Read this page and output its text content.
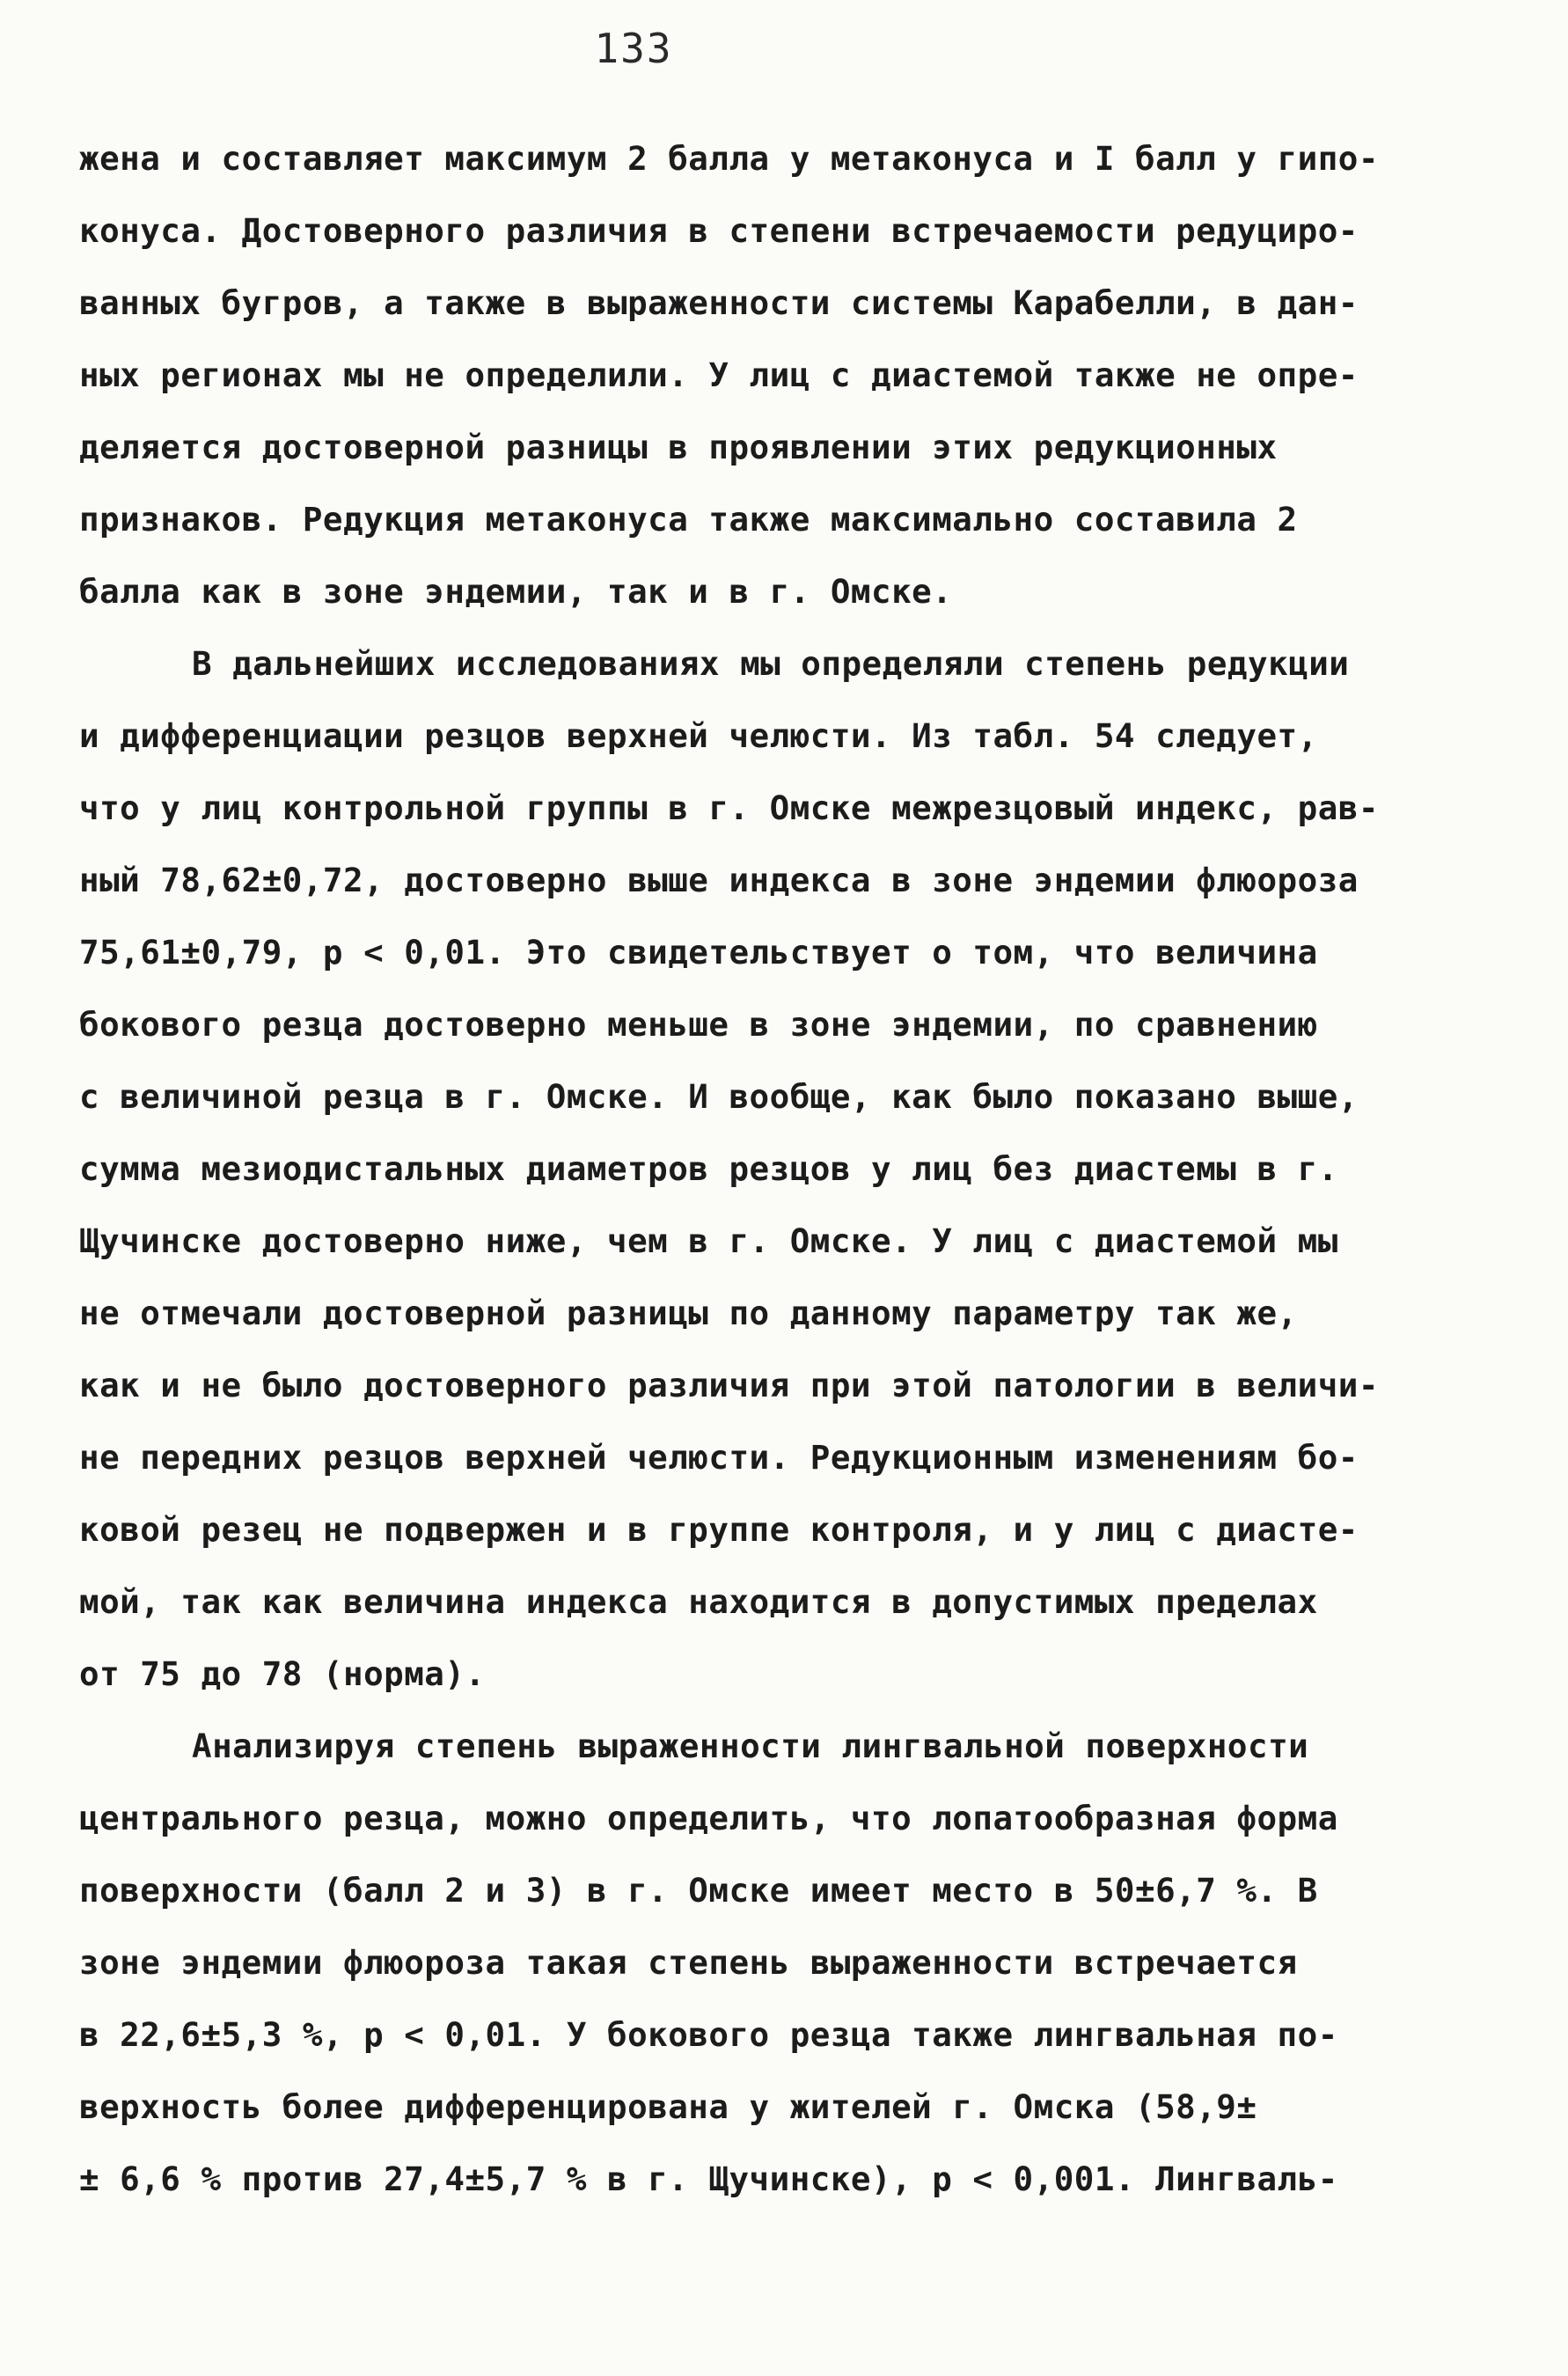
133
жена и составляет максимум 2 балла у метаконуса и I балл у гипо-
конуса. Достоверного различия в степени встречаемости редуциро-
ванных бугров, а также в выраженности системы Карабелли, в дан-
ных регионах мы не определили. У лиц с диастемой также не опре-
деляется достоверной разницы в проявлении этих редукционных
признаков. Редукция метаконуса также максимально составила 2
балла как в зоне эндемии, так и в г. Омске.
В дальнейших исследованиях мы определяли степень редукции
и дифференциации резцов верхней челюсти. Из табл. 54 следует,
что у лиц контрольной группы в г. Омске межрезцовый индекс, рав-
ный 78,62±0,72, достоверно выше индекса в зоне эндемии флюороза
75,61±0,79, р < 0,01. Это свидетельствует о том, что величина
бокового резца достоверно меньше в зоне эндемии, по сравнению
с величиной резца в г. Омске. И вообще, как было показано выше,
сумма мезиодистальных диаметров резцов у лиц без диастемы в г.
Щучинске достоверно ниже, чем в г. Омске. У лиц с диастемой мы
не отмечали достоверной разницы по данному параметру так же,
как и не было достоверного различия при этой патологии в величи-
не передних резцов верхней челюсти. Редукционным изменениям бо-
ковой резец не подвержен и в группе контроля, и у лиц с диасте-
мой, так как величина индекса находится в допустимых пределах
от 75 до 78 (норма).
Анализируя степень выраженности лингвальной поверхности
центрального резца, можно определить, что лопатообразная форма
поверхности (балл 2 и 3) в г. Омске имеет место в 50±6,7 %. В
зоне эндемии флюороза такая степень выраженности встречается
в 22,6±5,3 %, р < 0,01. У бокового резца также лингвальная по-
верхность более дифференцирована у жителей г. Омска (58,9±
± 6,6 % против 27,4±5,7 % в г. Щучинске), р < 0,001. Лингваль-
